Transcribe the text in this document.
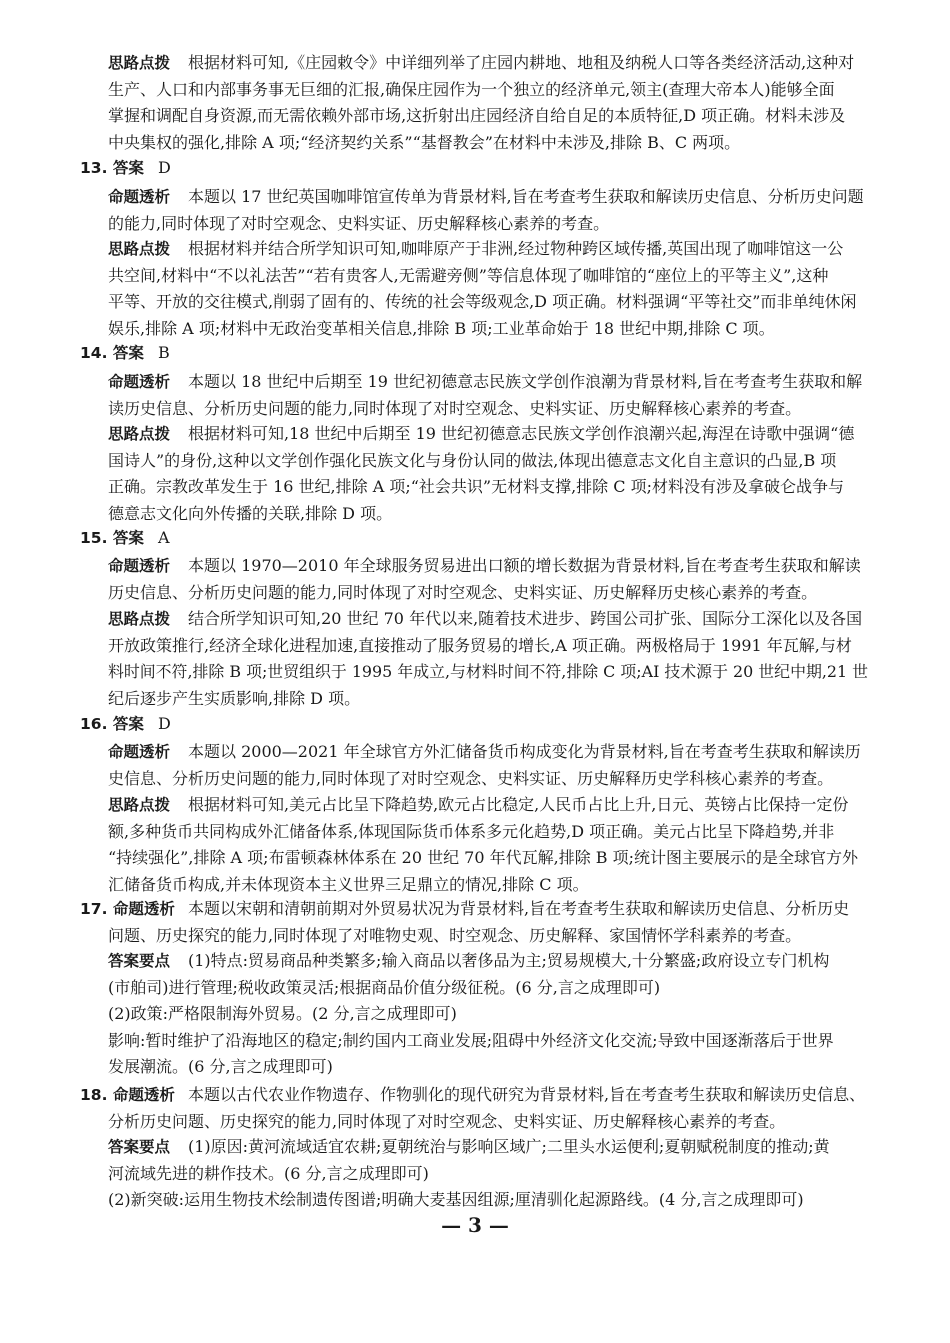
思路点拨 根据材料可知,《庄园敕令》中详细列举了庄园内耕地、地租及纳税人口等各类经济活动,这种对
生产、人口和内部事务事无巨细的汇报,确保庄园作为一个独立的经济单元,领主(查理大帝本人)能够全面
掌握和调配自身资源,而无需依赖外部市场,这折射出庄园经济自给自足的本质特征,D 项正确。材料未涉及
中央集权的强化,排除 A 项;“经济契约关系”“基督教会”在材料中未涉及,排除 B、C 两项。
13. 答案 D
命题透析 本题以 17 世纪英国咖啡馆宣传单为背景材料,旨在考查考生获取和解读历史信息、分析历史问题
的能力,同时体现了对时空观念、史料实证、历史解释核心素养的考查。
思路点拨 根据材料并结合所学知识可知,咖啡原产于非洲,经过物种跨区域传播,英国出现了咖啡馆这一公
共空间,材料中“不以礼法苦”“若有贵客人,无需避旁侧”等信息体现了咖啡馆的“座位上的平等主义”,这种
平等、开放的交往模式,削弱了固有的、传统的社会等级观念,D 项正确。材料强调“平等社交”而非单纯休闲
娱乐,排除 A 项;材料中无政治变革相关信息,排除 B 项;工业革命始于 18 世纪中期,排除 C 项。
14. 答案 B
命题透析 本题以 18 世纪中后期至 19 世纪初德意志民族文学创作浪潮为背景材料,旨在考查考生获取和解
读历史信息、分析历史问题的能力,同时体现了对时空观念、史料实证、历史解释核心素养的考查。
思路点拨 根据材料可知,18 世纪中后期至 19 世纪初德意志民族文学创作浪潮兴起,海涅在诗歌中强调“德
国诗人”的身份,这种以文学创作强化民族文化与身份认同的做法,体现出德意志文化自主意识的凸显,B 项
正确。宗教改革发生于 16 世纪,排除 A 项;“社会共识”无材料支撑,排除 C 项;材料没有涉及拿破仑战争与
德意志文化向外传播的关联,排除 D 项。
15. 答案 A
命题透析 本题以 1970—2010 年全球服务贸易进出口额的增长数据为背景材料,旨在考查考生获取和解读
历史信息、分析历史问题的能力,同时体现了对时空观念、史料实证、历史解释历史核心素养的考查。
思路点拨 结合所学知识可知,20 世纪 70 年代以来,随着技术进步、跨国公司扩张、国际分工深化以及各国
开放政策推行,经济全球化进程加速,直接推动了服务贸易的增长,A 项正确。两极格局于 1991 年瓦解,与材
料时间不符,排除 B 项;世贸组织于 1995 年成立,与材料时间不符,排除 C 项;AI 技术源于 20 世纪中期,21 世
纪后逐步产生实质影响,排除 D 项。
16. 答案 D
命题透析 本题以 2000—2021 年全球官方外汇储备货币构成变化为背景材料,旨在考查考生获取和解读历
史信息、分析历史问题的能力,同时体现了对时空观念、史料实证、历史解释历史学科核心素养的考查。
思路点拨 根据材料可知,美元占比呈下降趋势,欧元占比稳定,人民币占比上升,日元、英镑占比保持一定份
额,多种货币共同构成外汇储备体系,体现国际货币体系多元化趋势,D 项正确。美元占比呈下降趋势,并非
“持续强化”,排除 A 项;布雷顿森林体系在 20 世纪 70 年代瓦解,排除 B 项;统计图主要展示的是全球官方外
汇储备货币构成,并未体现资本主义世界三足鼎立的情况,排除 C 项。
17. 命题透析 本题以宋朝和清朝前期对外贸易状况为背景材料,旨在考查考生获取和解读历史信息、分析历史
问题、历史探究的能力,同时体现了对唯物史观、时空观念、历史解释、家国情怀学科素养的考查。
答案要点 (1)特点:贸易商品种类繁多;输入商品以奢侈品为主;贸易规模大,十分繁盛;政府设立专门机构
(市舶司)进行管理;税收政策灵活;根据商品价值分级征税。(6 分,言之成理即可)
(2)政策:严格限制海外贸易。(2 分,言之成理即可)
影响:暂时维护了沿海地区的稳定;制约国内工商业发展;阻碍中外经济文化交流;导致中国逐渐落后于世界
发展潮流。(6 分,言之成理即可)
18. 命题透析 本题以古代农业作物遗存、作物驯化的现代研究为背景材料,旨在考查考生获取和解读历史信息、
分析历史问题、历史探究的能力,同时体现了对时空观念、史料实证、历史解释核心素养的考查。
答案要点 (1)原因:黄河流域适宜农耕;夏朝统治与影响区域广;二里头水运便利;夏朝赋税制度的推动;黄
河流域先进的耕作技术。(6 分,言之成理即可)
(2)新突破:运用生物技术绘制遗传图谱;明确大麦基因组源;厘清驯化起源路线。(4 分,言之成理即可)
— 3 —
